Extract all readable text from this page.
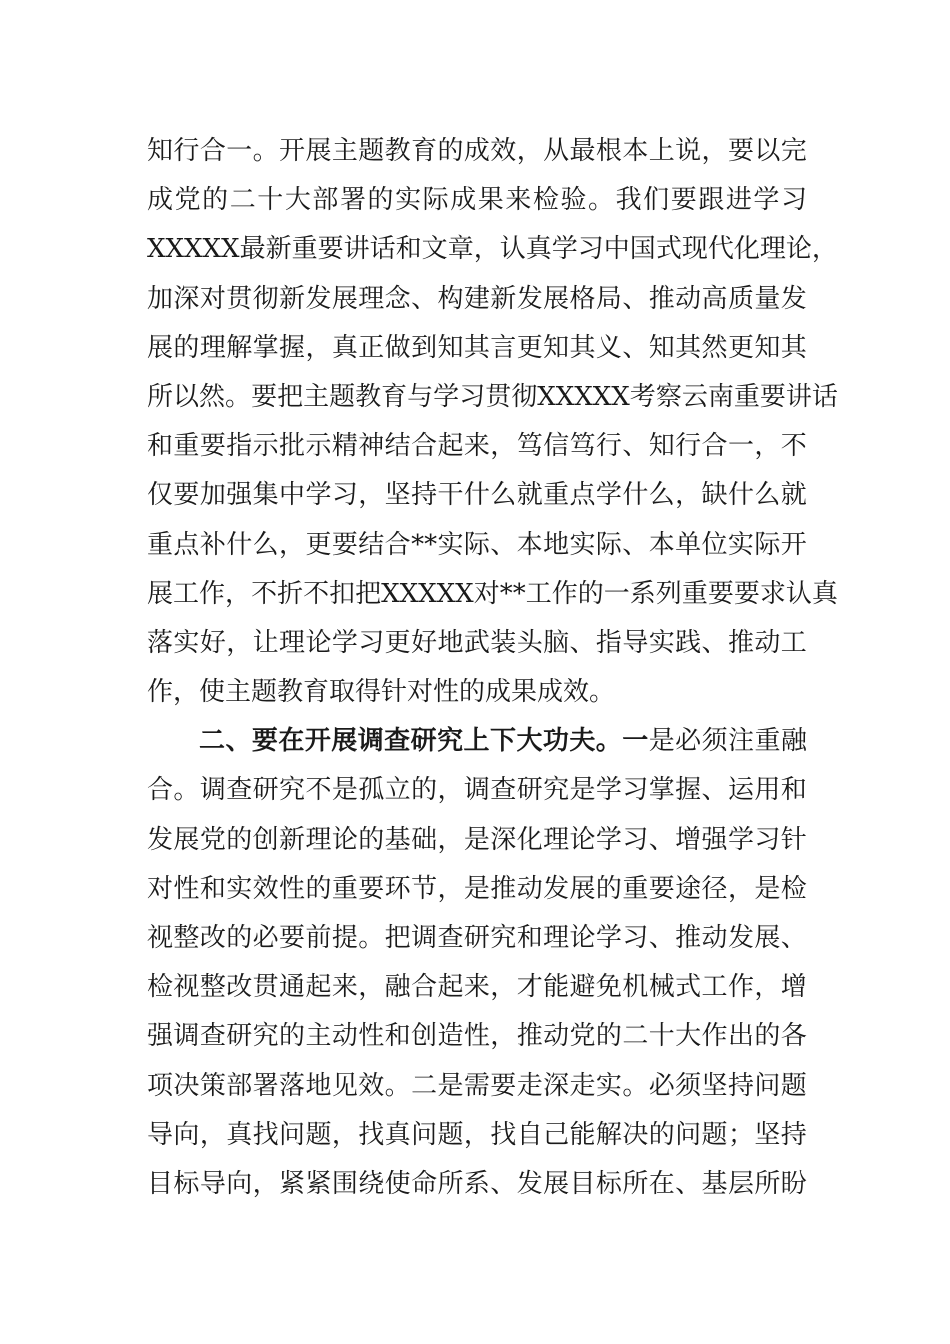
知 行 合 一 。 开 展 主 题 教 育 的 成 效 ， 从 最 根 本 上 说 ， 要 以 完
成 党 的 二 十 大 部 署 的 实 际 成 果 来 检 验 。 我 们 要 跟 进 学 习
XXXXX 最 新 重 要 讲 话 和 文 章 ， 认 真 学 习 中 国 式 现 代 化 理 论 ，
加 深 对 贯 彻 新 发 展 理 念 、 构 建 新 发 展 格 局 、 推 动 高 质 量 发
展 的 理 解 掌 握 ， 真 正 做 到 知 其 言 更 知 其 义 、 知 其 然 更 知 其
所 以 然 。 要 把 主 题 教 育 与 学 习 贯 彻 XXXXX 考 察 云 南 重 要 讲 话
和 重 要 指 示 批 示 精 神 结 合 起 来 ， 笃 信 笃 行 、 知 行 合 一 ， 不
仅 要 加 强 集 中 学 习 ， 坚 持 干 什 么 就 重 点 学 什 么 ， 缺 什 么 就
重 点 补 什 么 ， 更 要 结 合 ** 实 际 、 本 地 实 际 、 本 单 位 实 际 开
展 工 作 ， 不 折 不 扣 把 XXXXX 对 ** 工 作 的 一 系 列 重 要 要 求 认 真
落 实 好 ， 让 理 论 学 习 更 好 地 武 装 头 脑 、 指 导 实 践 、 推 动 工
作，使主题教育取得针对性的成果成效。
二、要在开展调查研究上下大功夫。一是必须注重融
合 。 调 查 研 究 不 是 孤 立 的 ， 调 查 研 究 是 学 习 掌 握 、 运 用 和
发 展 党 的 创 新 理 论 的 基 础 ， 是 深 化 理 论 学 习 、 增 强 学 习 针
对 性 和 实 效 性 的 重 要 环 节 ， 是 推 动 发 展 的 重 要 途 径 ， 是 检
视 整 改 的 必 要 前 提 。 把 调 查 研 究 和 理 论 学 习 、 推 动 发 展 、
检 视 整 改 贯 通 起 来 ， 融 合 起 来 ， 才 能 避 免 机 械 式 工 作 ， 增
强 调 查 研 究 的 主 动 性 和 创 造 性 ， 推 动 党 的 二 十 大 作 出 的 各
项 决 策 部 署 落 地 见 效 。 二 是 需 要 走 深 走 实 。 必 须 坚 持 问 题
导 向 ， 真 找 问 题 ， 找 真 问 题 ， 找 自 己 能 解 决 的 问 题 ； 坚 持
目 标 导 向 ， 紧 紧 围 绕 使 命 所 系 、 发 展 目 标 所 在 、 基 层 所 盼
